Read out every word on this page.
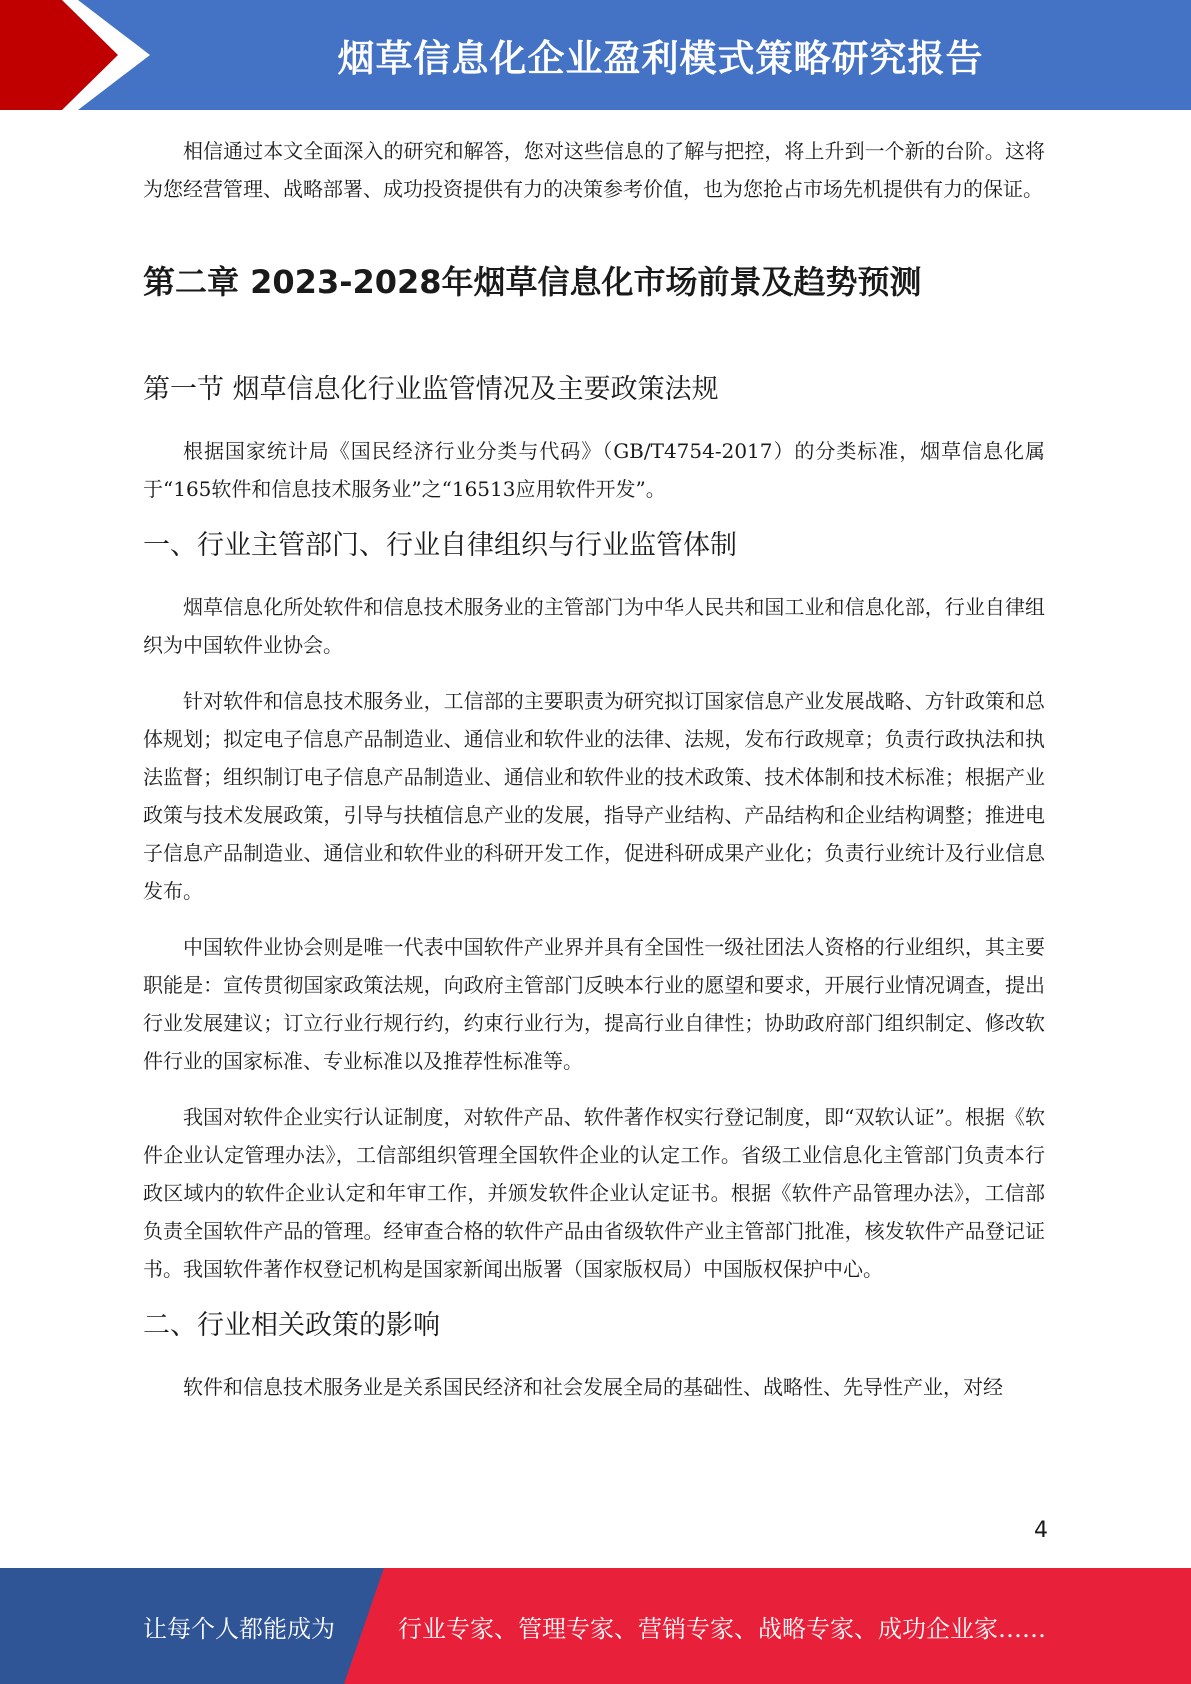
烟草信息化企业盈利模式策略研究报告

相信通过本文全面深入的研究和解答，您对这些信息的了解与把控，将上升到一个新的台阶。这将为您经营管理、战略部署、成功投资提供有力的决策参考价值，也为您抢占市场先机提供有力的保证。

第二章 2023-2028年烟草信息化市场前景及趋势预测
第一节 烟草信息化行业监管情况及主要政策法规

根据国家统计局《国民经济行业分类与代码》（GB/T4754-2017）的分类标准，烟草信息化属于“165软件和信息技术服务业”之“16513应用软件开发”。

一、行业主管部门、行业自律组织与行业监管体制

烟草信息化所处软件和信息技术服务业的主管部门为中华人民共和国工业和信息化部，行业自律组织为中国软件业协会。

针对软件和信息技术服务业，工信部的主要职责为研究拟订国家信息产业发展战略、方针政策和总体规划；拟定电子信息产品制造业、通信业和软件业的法律、法规，发布行政规章；负责行政执法和执法监督；组织制订电子信息产品制造业、通信业和软件业的技术政策、技术体制和技术标准；根据产业政策与技术发展政策，引导与扶植信息产业的发展，指导产业结构、产品结构和企业结构调整；推进电子信息产品制造业、通信业和软件业的科研开发工作，促进科研成果产业化；负责行业统计及行业信息发布。

中国软件业协会则是唯一代表中国软件产业界并具有全国性一级社团法人资格的行业组织，其主要职能是：宣传贯彻国家政策法规，向政府主管部门反映本行业的愿望和要求，开展行业情况调查，提出行业发展建议；订立行业行规行约，约束行业行为，提高行业自律性；协助政府部门组织制定、修改软件行业的国家标准、专业标准以及推荐性标准等。

我国对软件企业实行认证制度，对软件产品、软件著作权实行登记制度，即“双软认证”。根据《软件企业认定管理办法》，工信部组织管理全国软件企业的认定工作。省级工业信息化主管部门负责本行政区域内的软件企业认定和年审工作，并颁发软件企业认定证书。根据《软件产品管理办法》，工信部负责全国软件产品的管理。经审查合格的软件产品由省级软件产业主管部门批准，核发软件产品登记证书。我国软件著作权登记机构是国家新闻出版署（国家版权局）中国版权保护中心。

二、行业相关政策的影响

软件和信息技术服务业是关系国民经济和社会发展全局的基础性、战略性、先导性产业，对经

4
让每个人都能成为	行业专家、管理专家、营销专家、战略专家、成功企业家……
